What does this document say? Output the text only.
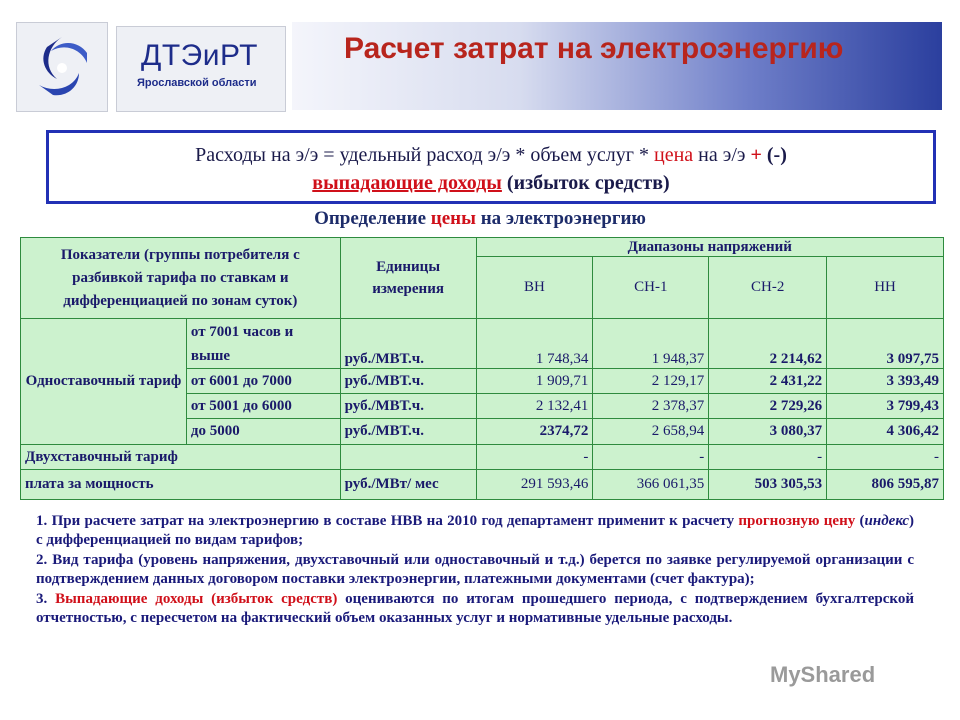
ДТЭиРТ
Ярославской области
Расчет затрат на электроэнергию
Расходы на э/э = удельный расход э/э * объем услуг * цена на э/э + (-)
выпадающие доходы (избыток средств)
Определение цены на электроэнергию
Показатели (группы потребителя с разбивкой тарифа по ставкам и дифференциацией по зонам суток)		Единицы измерения	Диапазоны напряжений			
			ВН	СН-1	СН-2	НН
Одноставочный тариф	от 7001 часов и выше	руб./МВТ.ч.	1 748,34	1 948,37	2 214,62	3 097,75
	от 6001 до 7000	руб./МВТ.ч.	1 909,71	2 129,17	2 431,22	3 393,49
	от 5001 до 6000	руб./МВТ.ч.	2 132,41	2 378,37	2 729,26	3 799,43
	до 5000	руб./МВТ.ч.	2374,72	2 658,94	3 080,37	4 306,42
Двухставочный тариф			-	-	-	-
плата за мощность		руб./МВт/ мес	291 593,46	366 061,35	503 305,53	806 595,87

1. При расчете затрат на электроэнергию в составе НВВ на 2010 год департамент применит к расчету прогнозную цену (индекс) с дифференциацией по видам тарифов;

2. Вид тарифа (уровень напряжения, двухставочный или одноставочный и т.д.) берется по заявке регулируемой организации с подтверждением данных договором поставки электроэнергии, платежными документами (счет фактура);

3. Выпадающие доходы (избыток средств) оцениваются по итогам прошедшего периода, с подтверждением бухгалтерской отчетностью, с пересчетом на фактический объем оказанных услуг и нормативные удельные расходы.

MyShared
